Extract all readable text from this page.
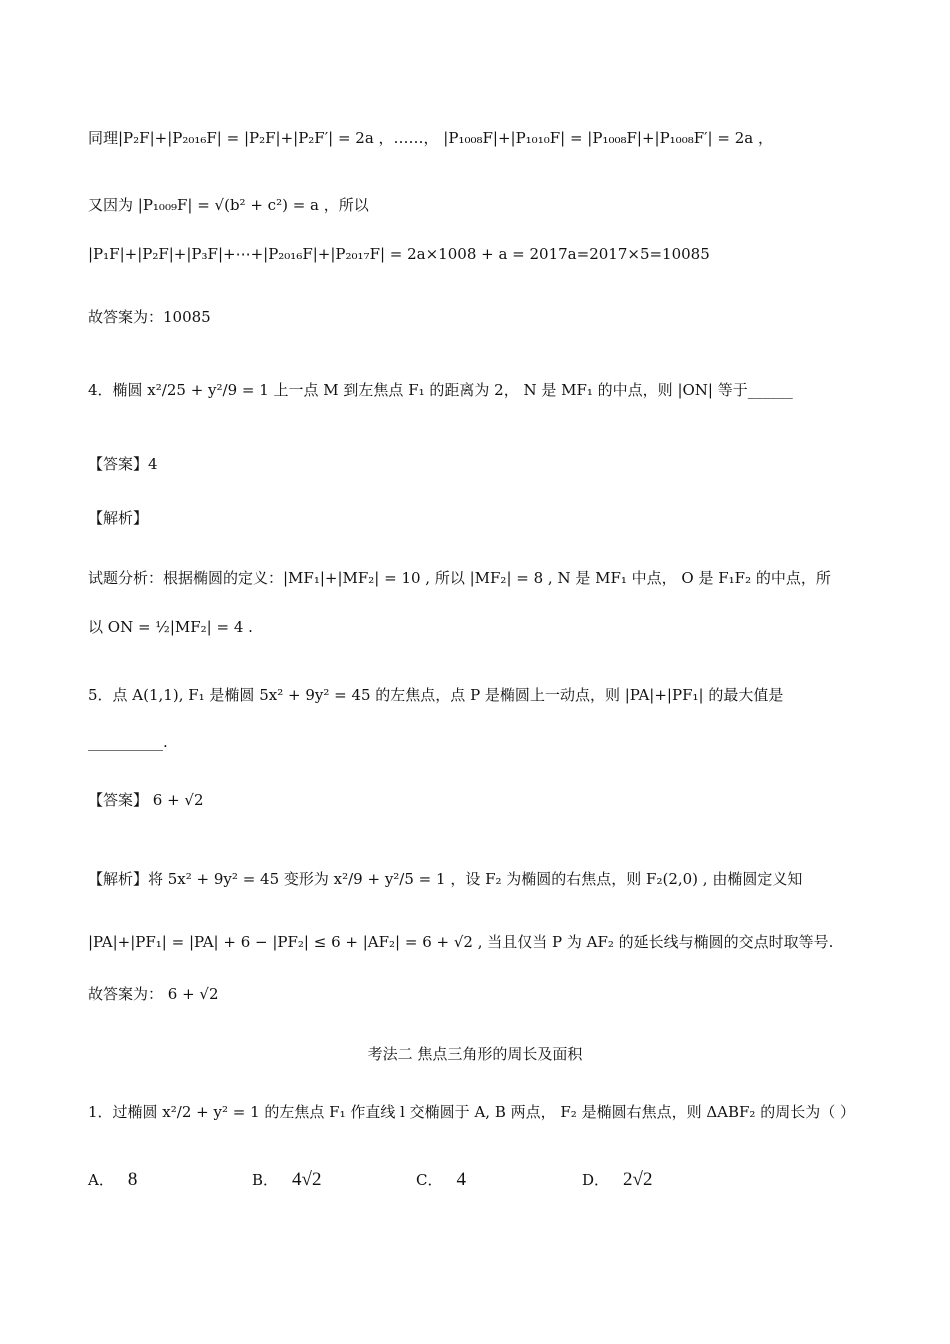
同理|P₂F|+|P₂₀₁₆F| = |P₂F|+|P₂F′| = 2a ，……， |P₁₀₀₈F|+|P₁₀₁₀F| = |P₁₀₀₈F|+|P₁₀₀₈F′| = 2a ，
又因为 |P₁₀₀₉F| = √(b² + c²) = a ，所以
|P₁F|+|P₂F|+|P₃F|+⋯+|P₂₀₁₆F|+|P₂₀₁₇F| = 2a×1008 + a = 2017a=2017×5=10085
故答案为：10085
4．椭圆 x²/25 + y²/9 = 1 上一点 M 到左焦点 F₁ 的距离为 2， N 是 MF₁ 的中点，则 |ON| 等于______
【答案】4
【解析】
试题分析：根据椭圆的定义：|MF₁|+|MF₂| = 10 , 所以 |MF₂| = 8 , N 是 MF₁ 中点， O 是 F₁F₂ 的中点，所
以 ON = ½|MF₂| = 4 .
5．点 A(1,1), F₁ 是椭圆 5x² + 9y² = 45 的左焦点，点 P 是椭圆上一动点，则 |PA|+|PF₁| 的最大值是
__________.
【答案】 6 + √2
【解析】将 5x² + 9y² = 45 变形为 x²/9 + y²/5 = 1 ，设 F₂ 为椭圆的右焦点，则 F₂(2,0) , 由椭圆定义知
|PA|+|PF₁| = |PA| + 6 − |PF₂| ≤ 6 + |AF₂| = 6 + √2 , 当且仅当 P 为 AF₂ 的延长线与椭圆的交点时取等号.
故答案为： 6 + √2
考法二 焦点三角形的周长及面积
1．过椭圆 x²/2 + y² = 1 的左焦点 F₁ 作直线 l 交椭圆于 A, B 两点， F₂ 是椭圆右焦点，则 ΔABF₂ 的周长为（ ）
A． 8	B． 4√2	C． 4	D． 2√2
